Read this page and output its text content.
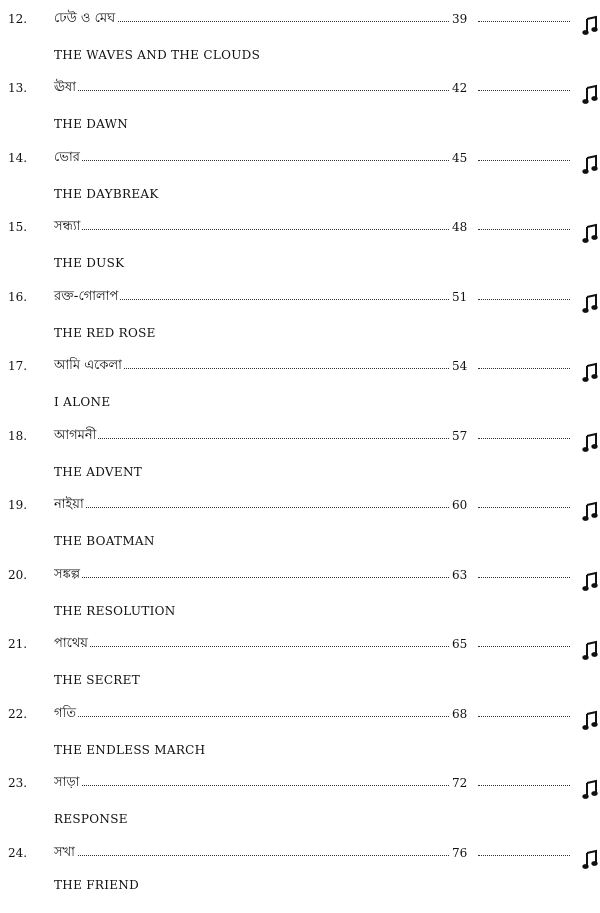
12. ঢেউ ও মেঘ	39
THE WAVES AND THE CLOUDS
13. ঊষা	42
THE DAWN
14. ভোর	45
THE DAYBREAK
15. সন্ধ্যা	48
THE DUSK
16. রক্ত-গোলাপ	51
THE RED ROSE
17. আমি একেলা	54
I ALONE
18. আগমনী	57
THE ADVENT
19. নাইয়া	60
THE BOATMAN
20. সঙ্কল্প	63
THE RESOLUTION
21. পাথেয়	65
THE SECRET
22. গতি	68
THE ENDLESS MARCH
23. সাড়া	72
RESPONSE
24. সখা	76
THE FRIEND
